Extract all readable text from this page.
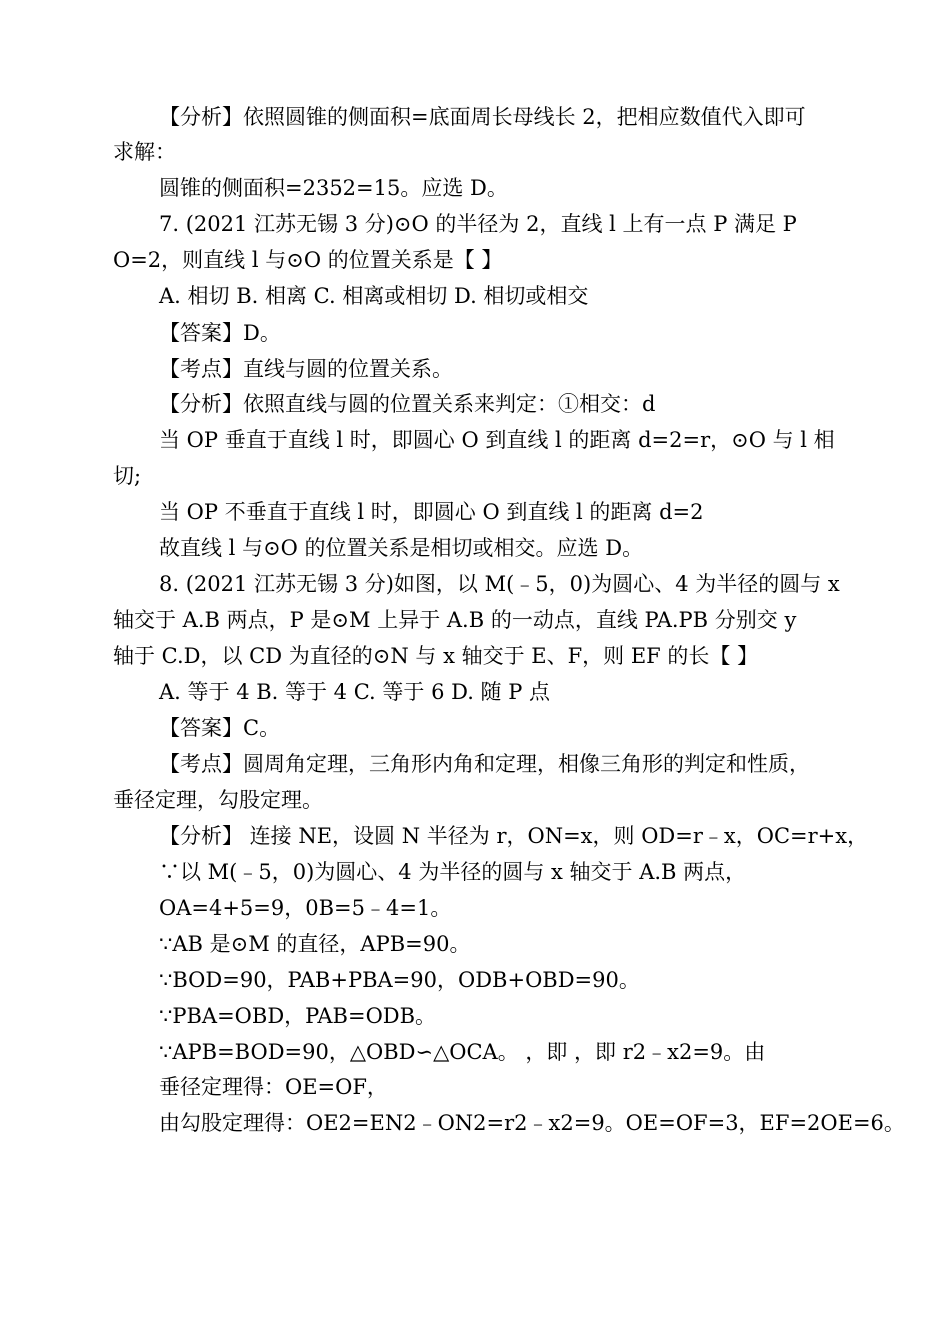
【分析】依照圆锥的侧面积=底面周长母线长 2，把相应数值代入即可
求解：
圆锥的侧面积=2352=15。应选 D。
7. (2021 江苏无锡 3 分)⊙O 的半径为 2，直线 l 上有一点 P 满足 P
O=2，则直线 l 与⊙O 的位置关系是【 】
A. 相切 B. 相离 C. 相离或相切 D. 相切或相交
【答案】D。
【考点】直线与圆的位置关系。
【分析】依照直线与圆的位置关系来判定：①相交：d
当 OP 垂直于直线 l 时，即圆心 O 到直线 l 的距离 d=2=r，⊙O 与 l 相
切;
当 OP 不垂直于直线 l 时，即圆心 O 到直线 l 的距离 d=2
故直线 l 与⊙O 的位置关系是相切或相交。应选 D。
8. (2021 江苏无锡 3 分)如图，以 M(﹣5，0)为圆心、4 为半径的圆与 x
轴交于 A.B 两点，P 是⊙M 上异于 A.B 的一动点，直线 PA.PB 分别交 y
轴于 C.D，以 CD 为直径的⊙N 与 x 轴交于 E、F，则 EF 的长【 】
A. 等于 4 B. 等于 4 C. 等于 6 D. 随 P 点
【答案】C。
【考点】圆周角定理，三角形内角和定理，相像三角形的判定和性质，
垂径定理，勾股定理。
【分析】 连接 NE，设圆 N 半径为 r，ON=x，则 OD=r﹣x，OC=r+x，
∵以 M(﹣5，0)为圆心、4 为半径的圆与 x 轴交于 A.B 两点，
OA=4+5=9，0B=5﹣4=1。
∵AB 是⊙M 的直径，APB=90。
∵BOD=90，PAB+PBA=90，ODB+OBD=90。
∵PBA=OBD，PAB=ODB。
∵APB=BOD=90，△OBD∽△OCA。 ，即 ，即 r2﹣x2=9。由
垂径定理得：OE=OF，
由勾股定理得：OE2=EN2﹣ON2=r2﹣x2=9。OE=OF=3，EF=2OE=6。
